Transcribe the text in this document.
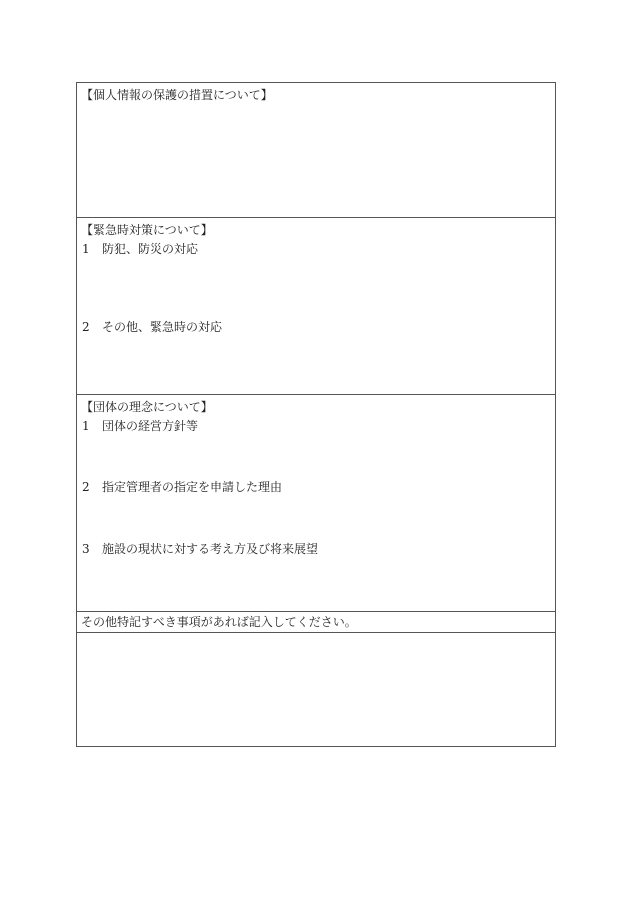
【個人情報の保護の措置について】
【緊急時対策について】
1 防犯、防災の対応
2 その他、緊急時の対応
【団体の理念について】
1 団体の経営方針等
2 指定管理者の指定を申請した理由
3 施設の現状に対する考え方及び将来展望
その他特記すべき事項があれば記入してください。
